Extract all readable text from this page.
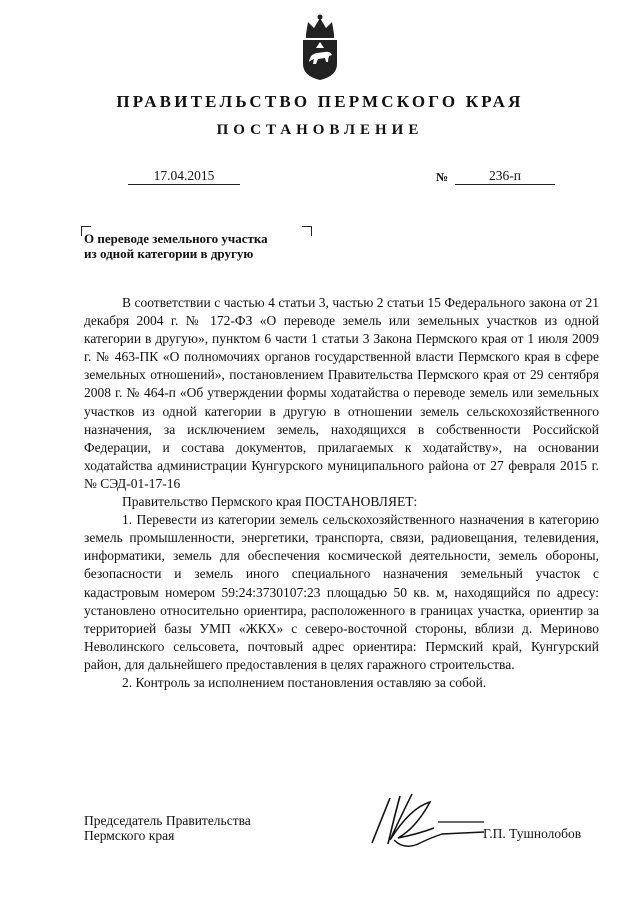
ПРАВИТЕЛЬСТВО ПЕРМСКОГО КРАЯ
ПОСТАНОВЛЕНИЕ
17.04.2015	№	236-п
О переводе земельного участка
из одной категории в другую

В соответствии с частью 4 статьи 3, частью 2 статьи 15 Федерального закона от 21 декабря 2004 г. № 172-ФЗ «О переводе земель или земельных участков из одной категории в другую», пунктом 6 части 1 статьи 3 Закона Пермского края от 1 июля 2009 г. № 463-ПК «О полномочиях органов государственной власти Пермского края в сфере земельных отношений», постановлением Правительства Пермского края от 29 сентября 2008 г. № 464-п «Об утверждении формы ходатайства о переводе земель или земельных участков из одной категории в другую в отношении земель сельскохозяйственного назначения, за исключением земель, находящихся в собственности Российской Федерации, и состава документов, прилагаемых к ходатайству», на основании ходатайства администрации Кунгурского муниципального района от 27 февраля 2015 г. № СЭД-01-17-16

Правительство Пермского края ПОСТАНОВЛЯЕТ:

1. Перевести из категории земель сельскохозяйственного назначения в категорию земель промышленности, энергетики, транспорта, связи, радиовещания, телевидения, информатики, земель для обеспечения космической деятельности, земель обороны, безопасности и земель иного специального назначения земельный участок с кадастровым номером 59:24:3730107:23 площадью 50 кв. м, находящийся по адресу: установлено относительно ориентира, расположенного в границах участка, ориентир за территорией базы УМП «ЖКХ» с северо-восточной стороны, вблизи д. Мериново Неволинского сельсовета, почтовый адрес ориентира: Пермский край, Кунгурский район, для дальнейшего предоставления в целях гаражного строительства.

2. Контроль за исполнением постановления оставляю за собой.

Председатель Правительства
Пермского края	Г.П. Тушнолобов
